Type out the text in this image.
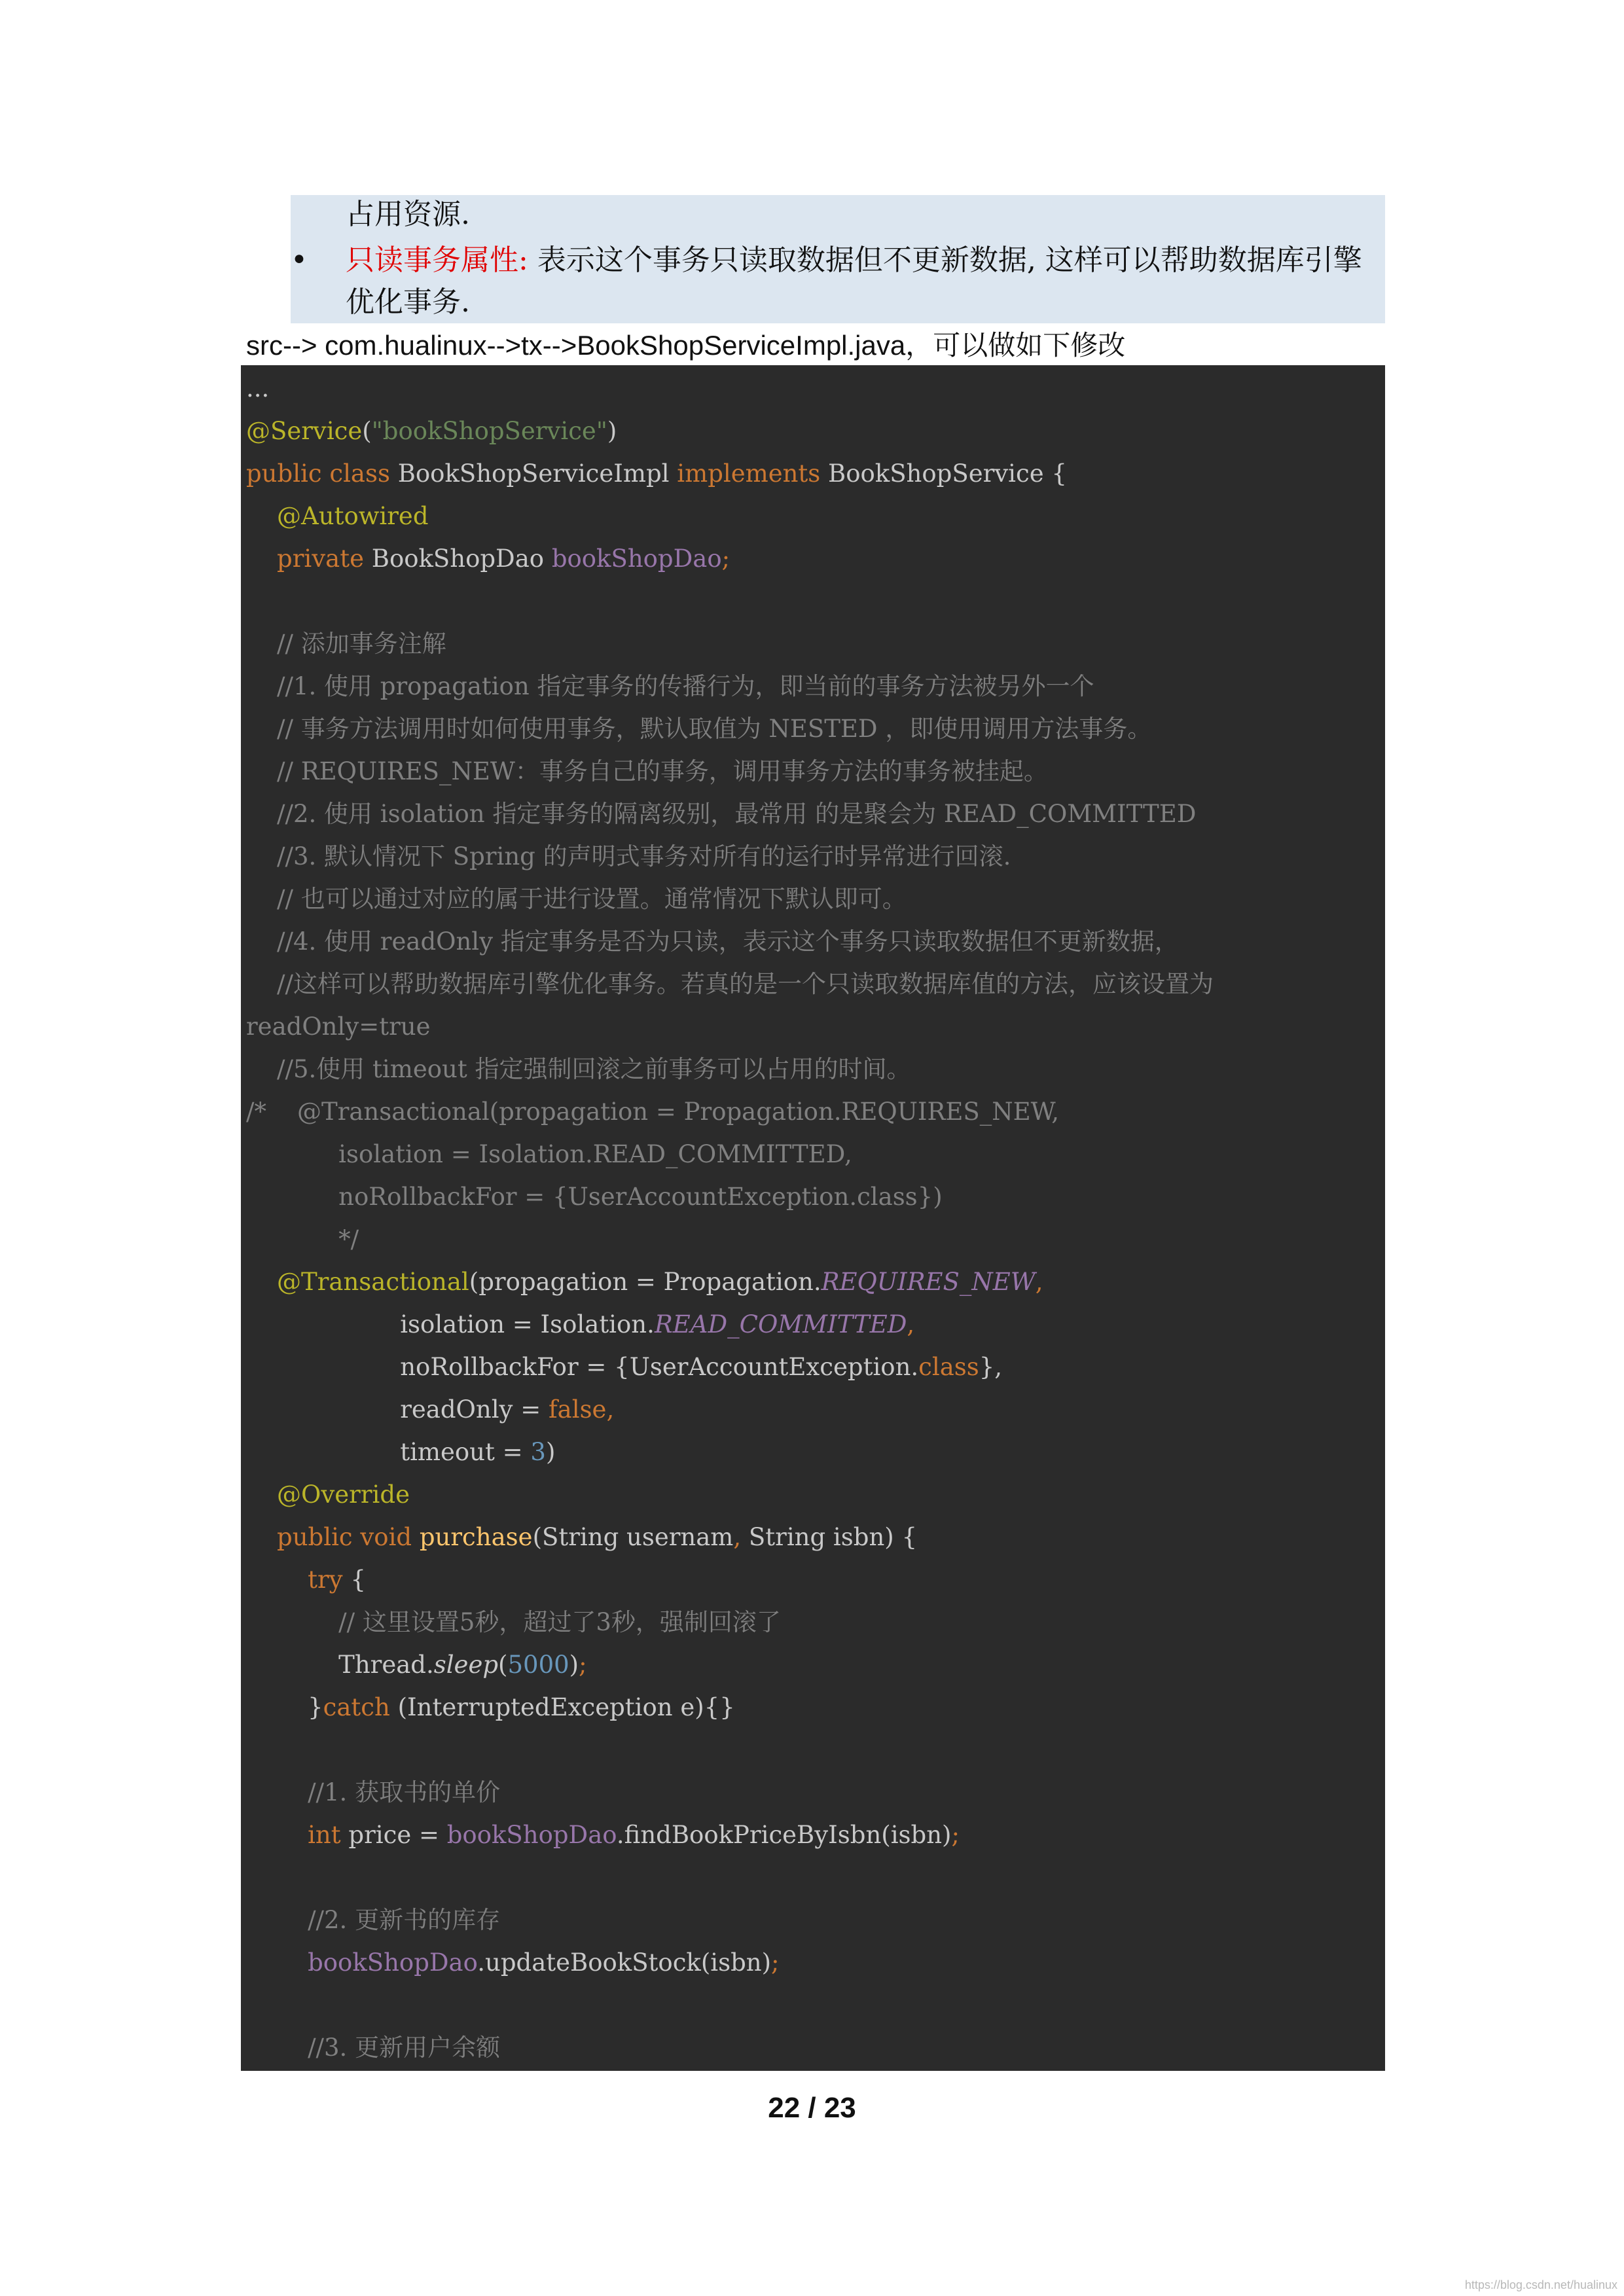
占用资源.
• 只读事务属性: 表示这个事务只读取数据但不更新数据, 这样可以帮助数据库引擎
优化事务.
src--> com.hualinux-->tx-->BookShopServiceImpl.java，可以做如下修改
...
@Service("bookShopService")
public class BookShopServiceImpl implements BookShopService {
@Autowired
private BookShopDao bookShopDao;
// 添加事务注解
//1. 使用 propagation 指定事务的传播行为，即当前的事务方法被另外一个
// 事务方法调用时如何使用事务，默认取值为 NESTED ，即使用调用方法事务。
// REQUIRES_NEW：事务自己的事务，调用事务方法的事务被挂起。
//2. 使用 isolation 指定事务的隔离级别，最常用 的是聚会为 READ_COMMITTED
//3. 默认情况下 Spring 的声明式事务对所有的运行时异常进行回滚.
// 也可以通过对应的属于进行设置。通常情况下默认即可。
//4. 使用 readOnly 指定事务是否为只读，表示这个事务只读取数据但不更新数据，
//这样可以帮助数据库引擎优化事务。若真的是一个只读取数据库值的方法，应该设置为
readOnly=true
//5.使用 timeout 指定强制回滚之前事务可以占用的时间。
/*    @Transactional(propagation = Propagation.REQUIRES_NEW,
isolation = Isolation.READ_COMMITTED,
noRollbackFor = {UserAccountException.class})
*/
@Transactional(propagation = Propagation.REQUIRES_NEW,
isolation = Isolation.READ_COMMITTED,
noRollbackFor = {UserAccountException.class},
readOnly = false,
timeout = 3)
@Override
public void purchase(String usernam, String isbn) {
try {
// 这里设置5秒，超过了3秒，强制回滚了
Thread.sleep(5000);
}catch (InterruptedException e){}
//1. 获取书的单价
int price = bookShopDao.findBookPriceByIsbn(isbn);
//2. 更新书的库存
bookShopDao.updateBookStock(isbn);
//3. 更新用户余额
22 / 23
https://blog.csdn.net/hualinux
